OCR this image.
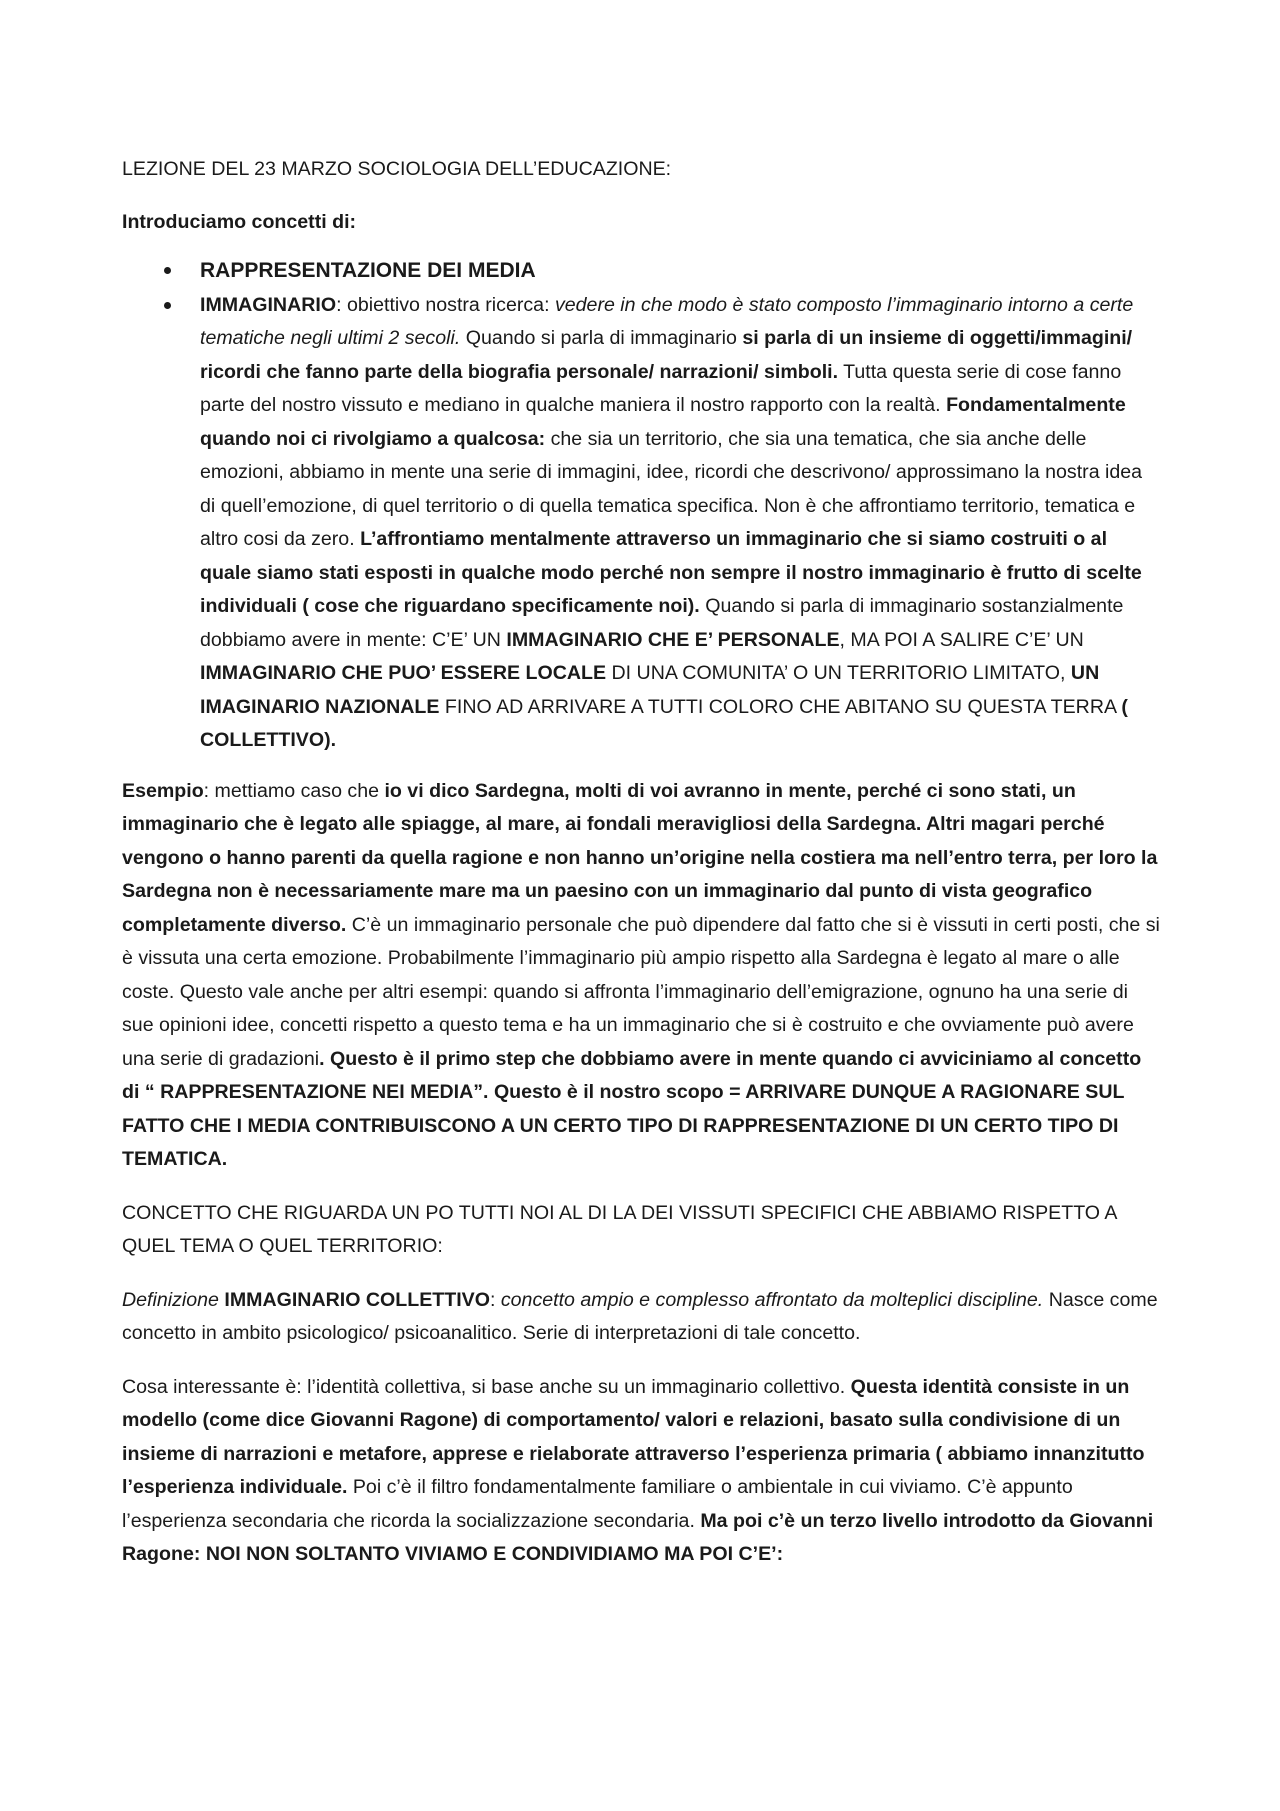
LEZIONE DEL 23 MARZO SOCIOLOGIA DELL’EDUCAZIONE:

Introduciamo concetti di:

RAPPRESENTAZIONE DEI MEDIA
IMMAGINARIO: obiettivo nostra ricerca: vedere in che modo è stato composto l’immaginario intorno a certe tematiche negli ultimi 2 secoli. Quando si parla di immaginario si parla di un insieme di oggetti/immagini/ ricordi che fanno parte della biografia personale/ narrazioni/ simboli. Tutta questa serie di cose fanno parte del nostro vissuto e mediano in qualche maniera il nostro rapporto con la realtà. Fondamentalmente quando noi ci rivolgiamo a qualcosa: che sia un territorio, che sia una tematica, che sia anche delle emozioni, abbiamo in mente una serie di immagini, idee, ricordi che descrivono/ approssimano la nostra idea di quell’emozione, di quel territorio o di quella tematica specifica. Non è che affrontiamo territorio, tematica e altro cosi da zero. L’affrontiamo mentalmente attraverso un immaginario che si siamo costruiti o al quale siamo stati esposti in qualche modo perché non sempre il nostro immaginario è frutto di scelte individuali ( cose che riguardano specificamente noi). Quando si parla di immaginario sostanzialmente dobbiamo avere in mente: C’E’ UN IMMAGINARIO CHE E’ PERSONALE, MA POI A SALIRE C’E’ UN IMMAGINARIO CHE PUO’ ESSERE LOCALE DI UNA COMUNITA’ O UN TERRITORIO LIMITATO, UN IMAGINARIO NAZIONALE FINO AD ARRIVARE A TUTTI COLORO CHE ABITANO SU QUESTA TERRA ( COLLETTIVO).

Esempio: mettiamo caso che io vi dico Sardegna, molti di voi avranno in mente, perché ci sono stati, un immaginario che è legato alle spiagge, al mare, ai fondali meravigliosi della Sardegna. Altri magari perché vengono o hanno parenti da quella ragione e non hanno un’origine nella costiera ma nell’entro terra, per loro la Sardegna non è necessariamente mare ma un paesino con un immaginario dal punto di vista geografico completamente diverso. C’è un immaginario personale che può dipendere dal fatto che si è vissuti in certi posti, che si è vissuta una certa emozione. Probabilmente l’immaginario più ampio rispetto alla Sardegna è legato al mare o alle coste. Questo vale anche per altri esempi: quando si affronta l’immaginario dell’emigrazione, ognuno ha una serie di sue opinioni idee, concetti rispetto a questo tema e ha un immaginario che si è costruito e che ovviamente può avere una serie di gradazioni. Questo è il primo step che dobbiamo avere in mente quando ci avviciniamo al concetto di “ RAPPRESENTAZIONE NEI MEDIA”. Questo è il nostro scopo = ARRIVARE DUNQUE A RAGIONARE SUL FATTO CHE I MEDIA CONTRIBUISCONO A UN CERTO TIPO DI RAPPRESENTAZIONE DI UN CERTO TIPO DI TEMATICA.

CONCETTO CHE RIGUARDA UN PO TUTTI NOI AL DI LA DEI VISSUTI SPECIFICI CHE ABBIAMO RISPETTO A QUEL TEMA O QUEL TERRITORIO:

Definizione IMMAGINARIO COLLETTIVO: concetto ampio e complesso affrontato da molteplici discipline. Nasce come concetto in ambito psicologico/ psicoanalitico. Serie di interpretazioni di tale concetto.

Cosa interessante è: l’identità collettiva, si base anche su un immaginario collettivo. Questa identità consiste in un modello (come dice Giovanni Ragone) di comportamento/ valori e relazioni, basato sulla condivisione di un insieme di narrazioni e metafore, apprese e rielaborate attraverso l’esperienza primaria ( abbiamo innanzitutto l’esperienza individuale. Poi c’è il filtro fondamentalmente familiare o ambientale in cui viviamo. C’è appunto l’esperienza secondaria che ricorda la socializzazione secondaria. Ma poi c’è un terzo livello introdotto da Giovanni Ragone: NOI NON SOLTANTO VIVIAMO E CONDIVIDIAMO MA POI C’E’:
